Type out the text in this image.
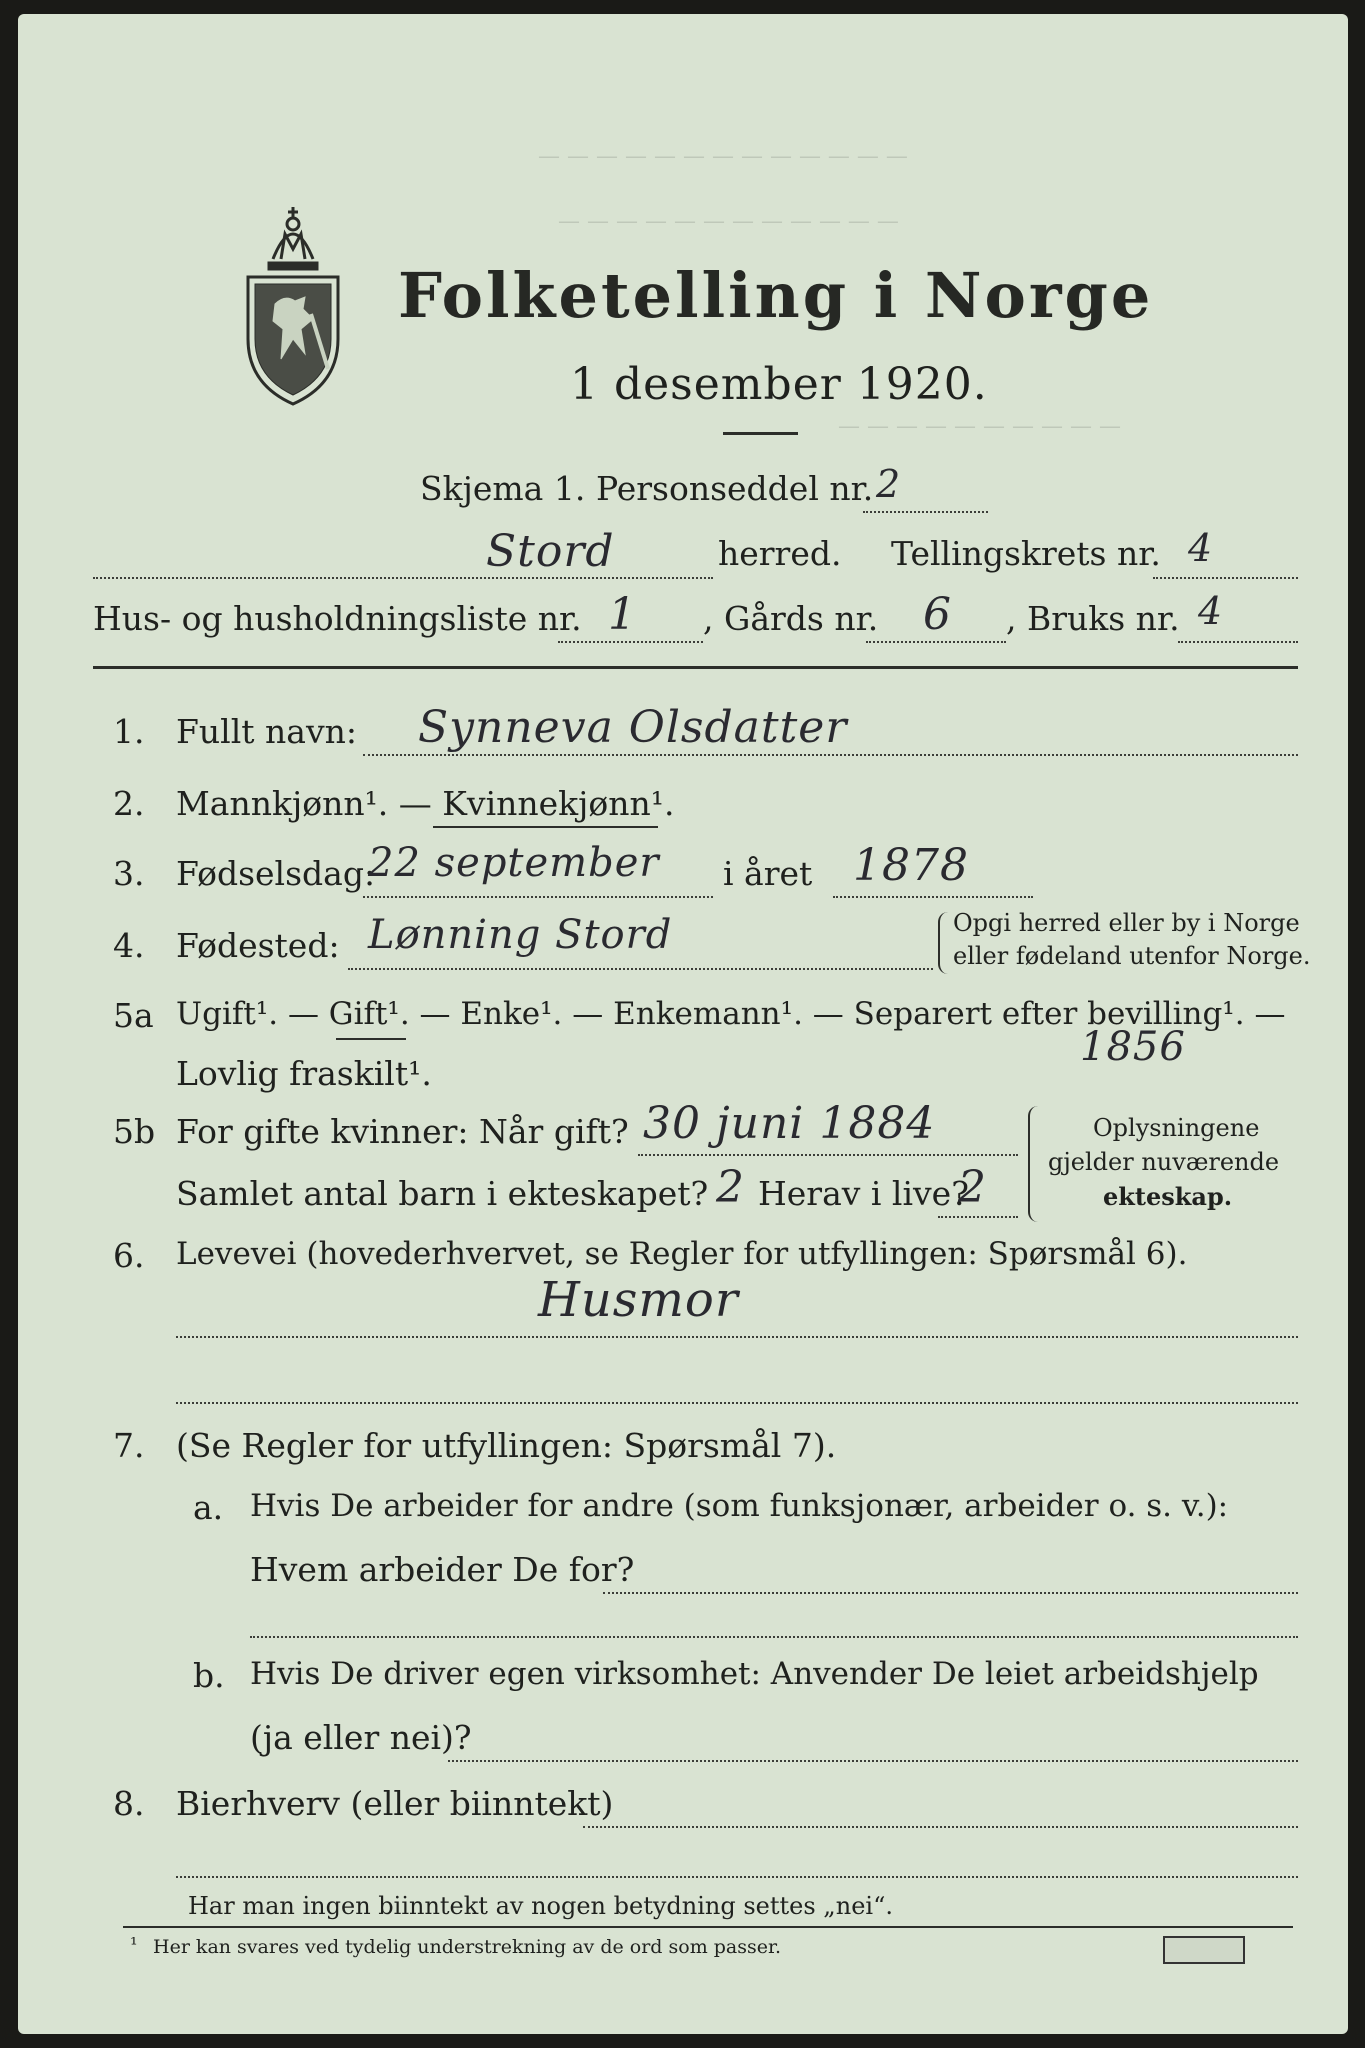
— — — — — — — — — — — — —
— — — — — — — — — — — —
— — — — — — — — — —
Folketelling i Norge
1 desember 1920.
Skjema 1. Personseddel nr. 2
Stord	herred. Tellingskrets nr. 4
Hus- og husholdningsliste nr. 1 , Gårds nr. 6 , Bruks nr. 4
1. Fullt navn: Synneva Olsdatter
2. Mannkjønn¹. — Kvinnekjønn¹.
3. Fødselsdag:
22 september i året 1878
4. Fødested: Lønning Stord	Opgi herred eller by i Norge
eller fødeland utenfor Norge.
5a Ugift¹. — Gift¹. — Enke¹. — Enkemann¹. — Separert efter bevilling¹. —
Lovlig fraskilt¹.
1856
5b For gifte kvinner: Når gift? 30 juni 1884
Samlet antal barn i ekteskapet? 2 Herav i live?
2
Oplysningene
gjelder nuværende
ekteskap.
6. Levevei (hovederhvervet, se Regler for utfyllingen: Spørsmål 6).
Husmor
7. (Se Regler for utfyllingen: Spørsmål 7).
a. Hvis De arbeider for andre (som funksjonær, arbeider o. s. v.):
Hvem arbeider De for?
b. Hvis De driver egen virksomhet: Anvender De leiet arbeidshjelp
(ja eller nei)?
8. Bierhverv (eller biinntekt)
Har man ingen biinntekt av nogen betydning settes „nei“.
¹ Her kan svares ved tydelig understrekning av de ord som passer.
